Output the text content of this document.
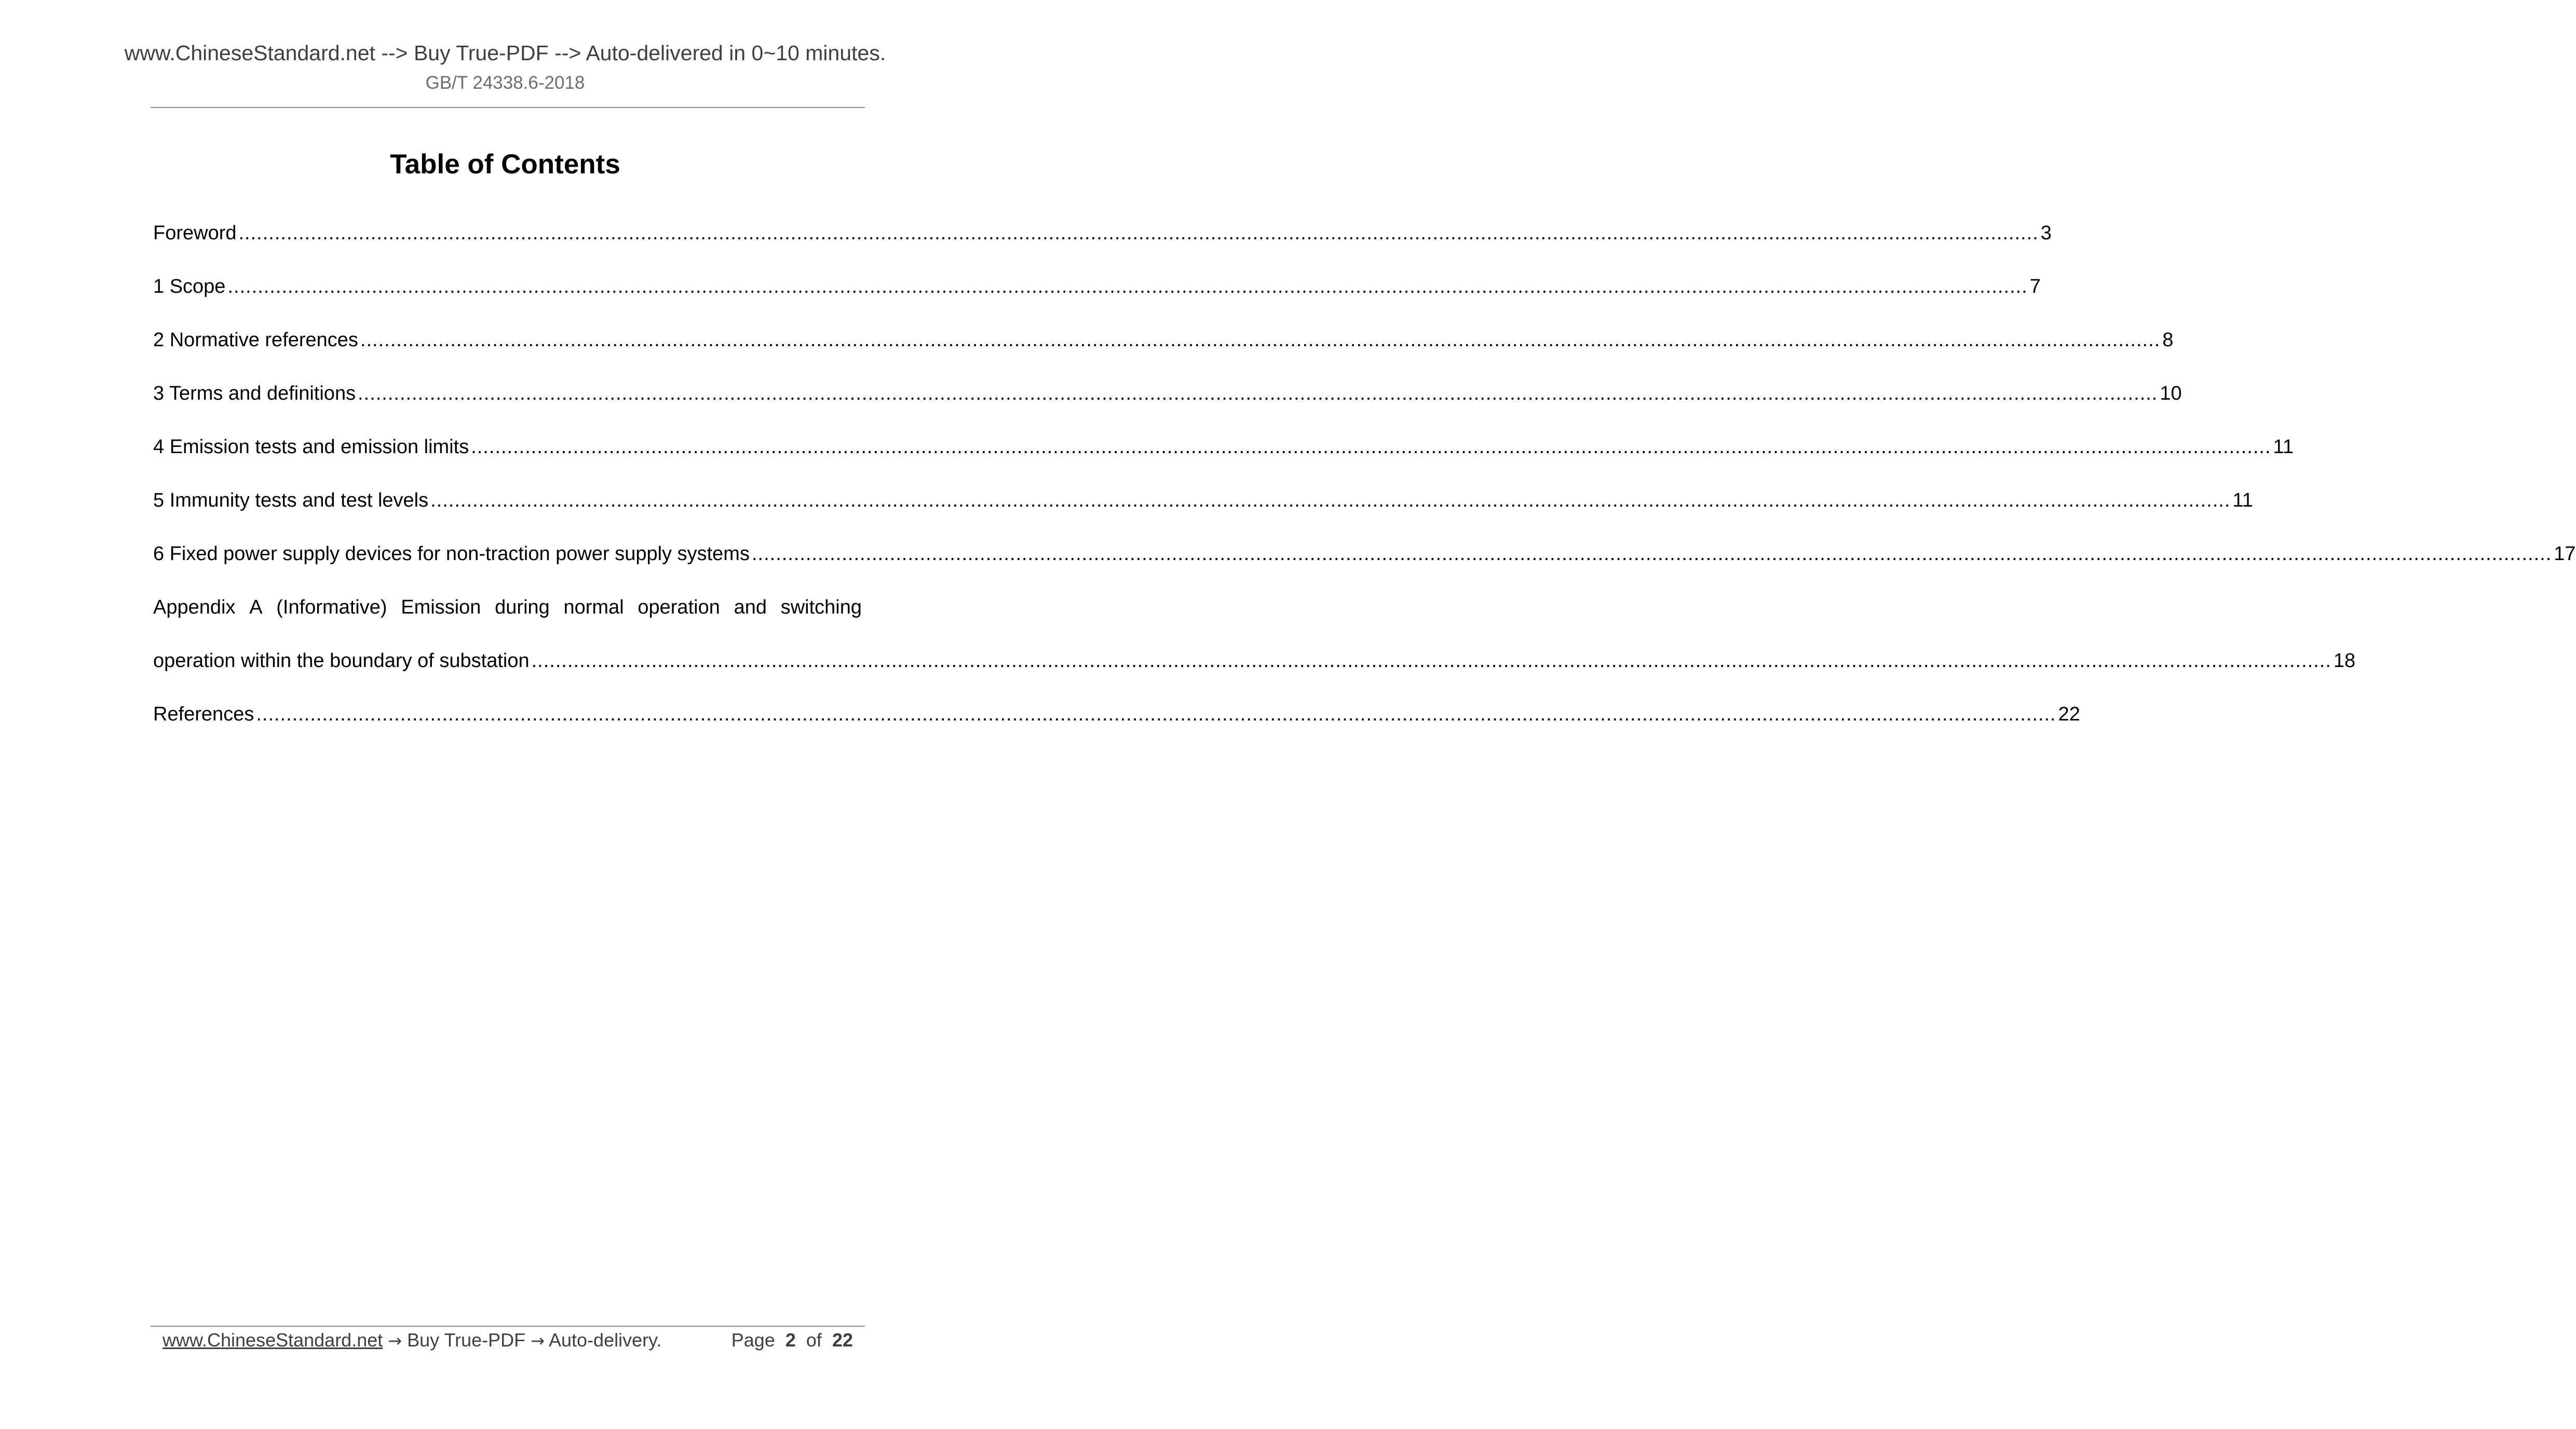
www.ChineseStandard.net --> Buy True-PDF --> Auto-delivered in 0~10 minutes.
GB/T 24338.6-2018
Table of Contents
Foreword ............................................................................................................................................................................................................................................................................................................ 3
1 Scope ............................................................................................................................................................................................................................................................................................................ 7
2 Normative references ............................................................................................................................................................................................................................................................................................................ 8
3 Terms and definitions ............................................................................................................................................................................................................................................................................................................ 10
4 Emission tests and emission limits ............................................................................................................................................................................................................................................................................................................ 11
5 Immunity tests and test levels ............................................................................................................................................................................................................................................................................................................ 11
6 Fixed power supply devices for non-traction power supply systems ............................................................................................................................................................................................................................................................................................................ 17
Appendix A (Informative) Emission during normal operation and switching
operation within the boundary of substation ............................................................................................................................................................................................................................................................................................................ 18
References ............................................................................................................................................................................................................................................................................................................ 22
www.ChineseStandard.net → Buy True-PDF → Auto-delivery.	Page 2 of 22
